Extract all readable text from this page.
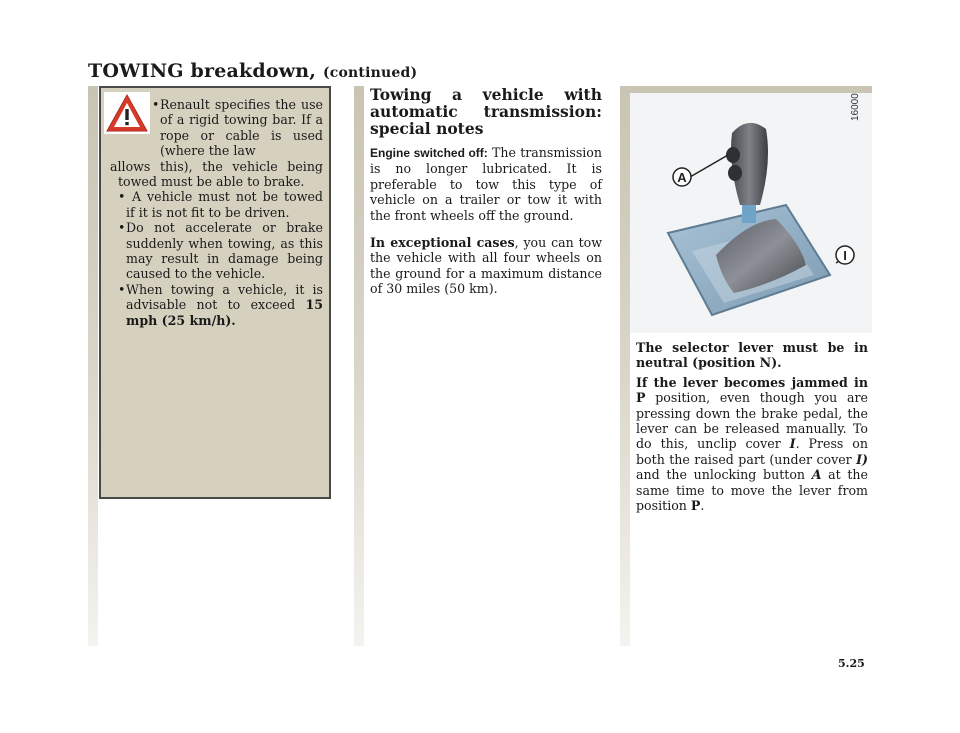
TOWING breakdown, (continued)
•Renault specifies the use of a rigid towing bar. If a rope or cable is used (where the law
allows this), the vehicle being towed must be able to brake.
• A vehicle must not be towed if it is not fit to be driven.
•Do not accelerate or brake suddenly when towing, as this may result in damage being caused to the vehicle.
•When towing a vehicle, it is advisable not to exceed 15 mph (25 km/h).
Towing a vehicle with automatic transmission: special notes

Engine switched off: The transmission is no longer lubricated. It is preferable to tow this type of vehicle on a trailer or tow it with the front wheels off the ground.

In exceptional cases, you can tow the vehicle with all four wheels on the ground for a maximum distance of 30 miles (50 km).

16000
A
I

The selector lever must be in neutral (position N).

If the lever becomes jammed in P position, even though you are pressing down the brake pedal, the lever can be released manually. To do this, unclip cover I. Press on both the raised part (under cover I) and the unlocking button A at the same time to move the lever from position P.

5.25
